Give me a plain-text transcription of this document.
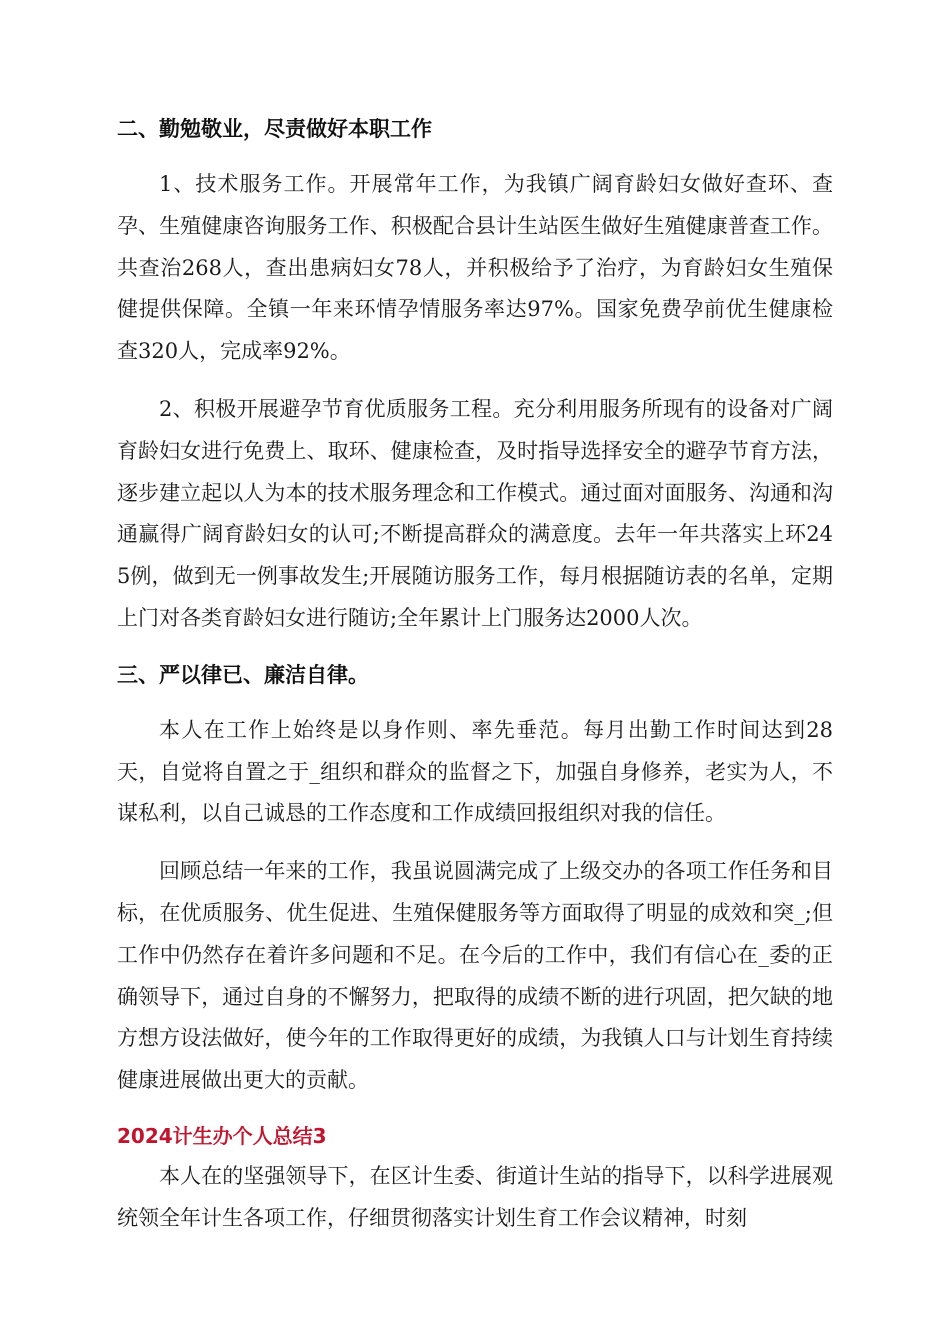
二、勤勉敬业，尽责做好本职工作

1、技术服务工作。开展常年工作，为我镇广阔育龄妇女做好查环、查孕、生殖健康咨询服务工作、积极配合县计生站医生做好生殖健康普查工作。共查治268人，查出患病妇女78人，并积极给予了治疗，为育龄妇女生殖保健提供保障。全镇一年来环情孕情服务率达97%。国家免费孕前优生健康检查320人，完成率92%。

2、积极开展避孕节育优质服务工程。充分利用服务所现有的设备对广阔育龄妇女进行免费上、取环、健康检查，及时指导选择安全的避孕节育方法，逐步建立起以人为本的技术服务理念和工作模式。通过面对面服务、沟通和沟通赢得广阔育龄妇女的认可;不断提高群众的满意度。去年一年共落实上环245例，做到无一例事故发生;开展随访服务工作，每月根据随访表的名单，定期上门对各类育龄妇女进行随访;全年累计上门服务达2000人次。

三、严以律已、廉洁自律。

本人在工作上始终是以身作则、率先垂范。每月出勤工作时间达到28天，自觉将自置之于_组织和群众的监督之下，加强自身修养，老实为人，不谋私利，以自己诚恳的工作态度和工作成绩回报组织对我的信任。

回顾总结一年来的工作，我虽说圆满完成了上级交办的各项工作任务和目标，在优质服务、优生促进、生殖保健服务等方面取得了明显的成效和突_;但工作中仍然存在着许多问题和不足。在今后的工作中，我们有信心在_委的正确领导下，通过自身的不懈努力，把取得的成绩不断的进行巩固，把欠缺的地方想方设法做好，使今年的工作取得更好的成绩，为我镇人口与计划生育持续健康进展做出更大的贡献。

2024计生办个人总结3

本人在的坚强领导下，在区计生委、街道计生站的指导下，以科学进展观统领全年计生各项工作，仔细贯彻落实计划生育工作会议精神，时刻
